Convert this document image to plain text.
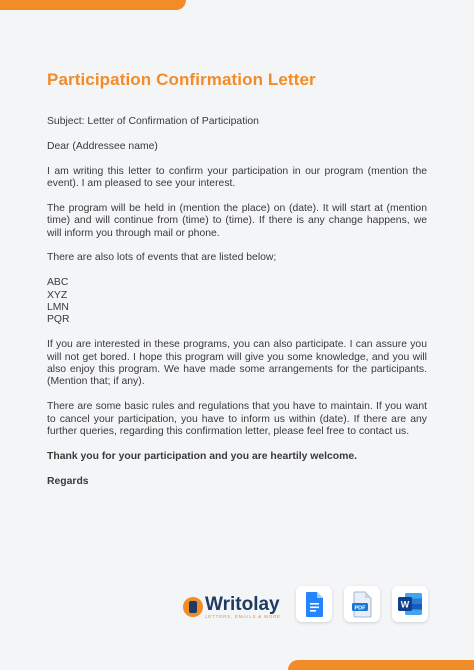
Participation Confirmation Letter

Subject: Letter of Confirmation of Participation

Dear (Addressee name)

I am writing this letter to confirm your participation in our program (mention the event). I am pleased to see your interest.

The program will be held in (mention the place) on (date). It will start at (mention time) and will continue from (time) to (time). If there is any change happens, we will inform you through mail or phone.

There are also lots of events that are listed below;

ABC
XYZ
LMN
PQR

If you are interested in these programs, you can also participate. I can assure you will not get bored. I hope this program will give you some knowledge, and you will also enjoy this program. We have made some arrangements for the participants. (Mention that; if any).

There are some basic rules and regulations that you have to maintain. If you want to cancel your participation, you have to inform us within (date). If there are any further queries, regarding this confirmation letter, please feel free to contact us.

Thank you for your participation and you are heartily welcome.

Regards

Writolay
LETTERS, EMAILS & MORE
PDF	W
